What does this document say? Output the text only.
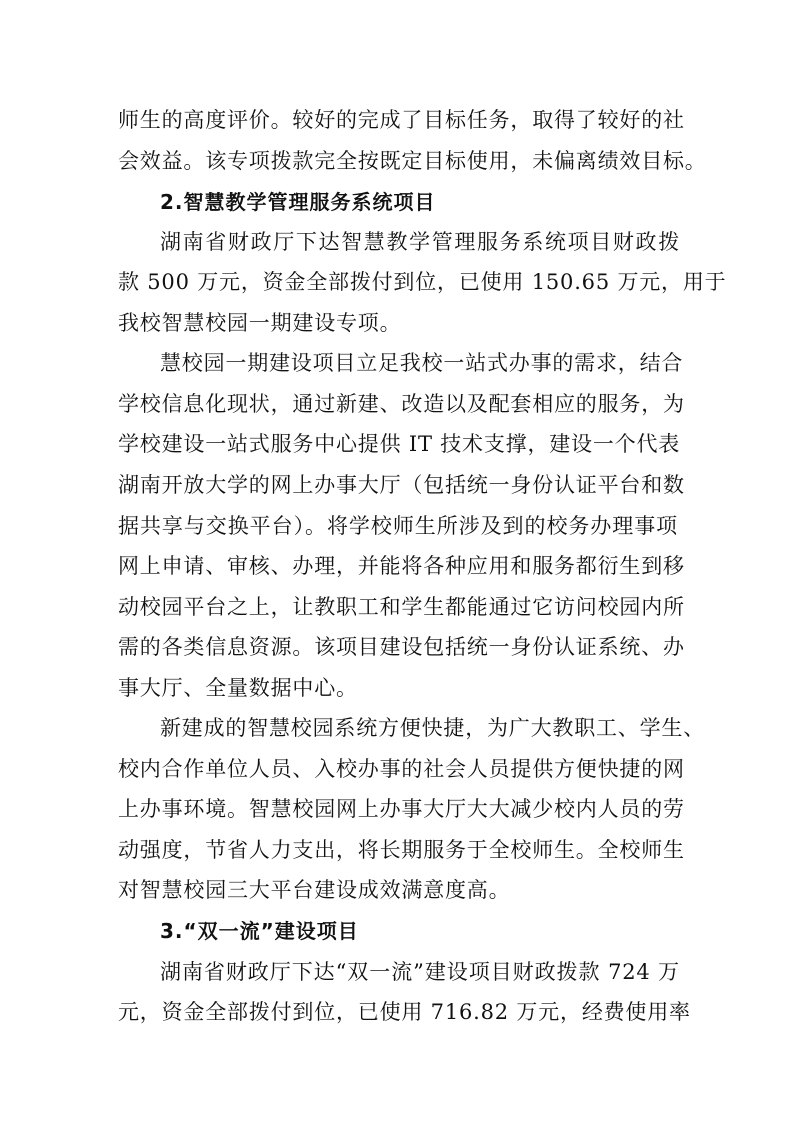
师生的高度评价。较好的完成了目标任务，取得了较好的社
会效益。该专项拨款完全按既定目标使用，未偏离绩效目标。
2.智慧教学管理服务系统项目
湖南省财政厅下达智慧教学管理服务系统项目财政拨
款 500 万元，资金全部拨付到位，已使用 150.65 万元，用于
我校智慧校园一期建设专项。
慧校园一期建设项目立足我校一站式办事的需求，结合
学校信息化现状，通过新建、改造以及配套相应的服务，为
学校建设一站式服务中心提供 IT 技术支撑，建设一个代表
湖南开放大学的网上办事大厅（包括统一身份认证平台和数
据共享与交换平台）。将学校师生所涉及到的校务办理事项
网上申请、审核、办理，并能将各种应用和服务都衍生到移
动校园平台之上，让教职工和学生都能通过它访问校园内所
需的各类信息资源。该项目建设包括统一身份认证系统、办
事大厅、全量数据中心。
新建成的智慧校园系统方便快捷，为广大教职工、学生、
校内合作单位人员、入校办事的社会人员提供方便快捷的网
上办事环境。智慧校园网上办事大厅大大减少校内人员的劳
动强度，节省人力支出，将长期服务于全校师生。全校师生
对智慧校园三大平台建设成效满意度高。
3.“双一流”建设项目
湖南省财政厅下达“双一流”建设项目财政拨款 724 万
元，资金全部拨付到位，已使用 716.82 万元，经费使用率
